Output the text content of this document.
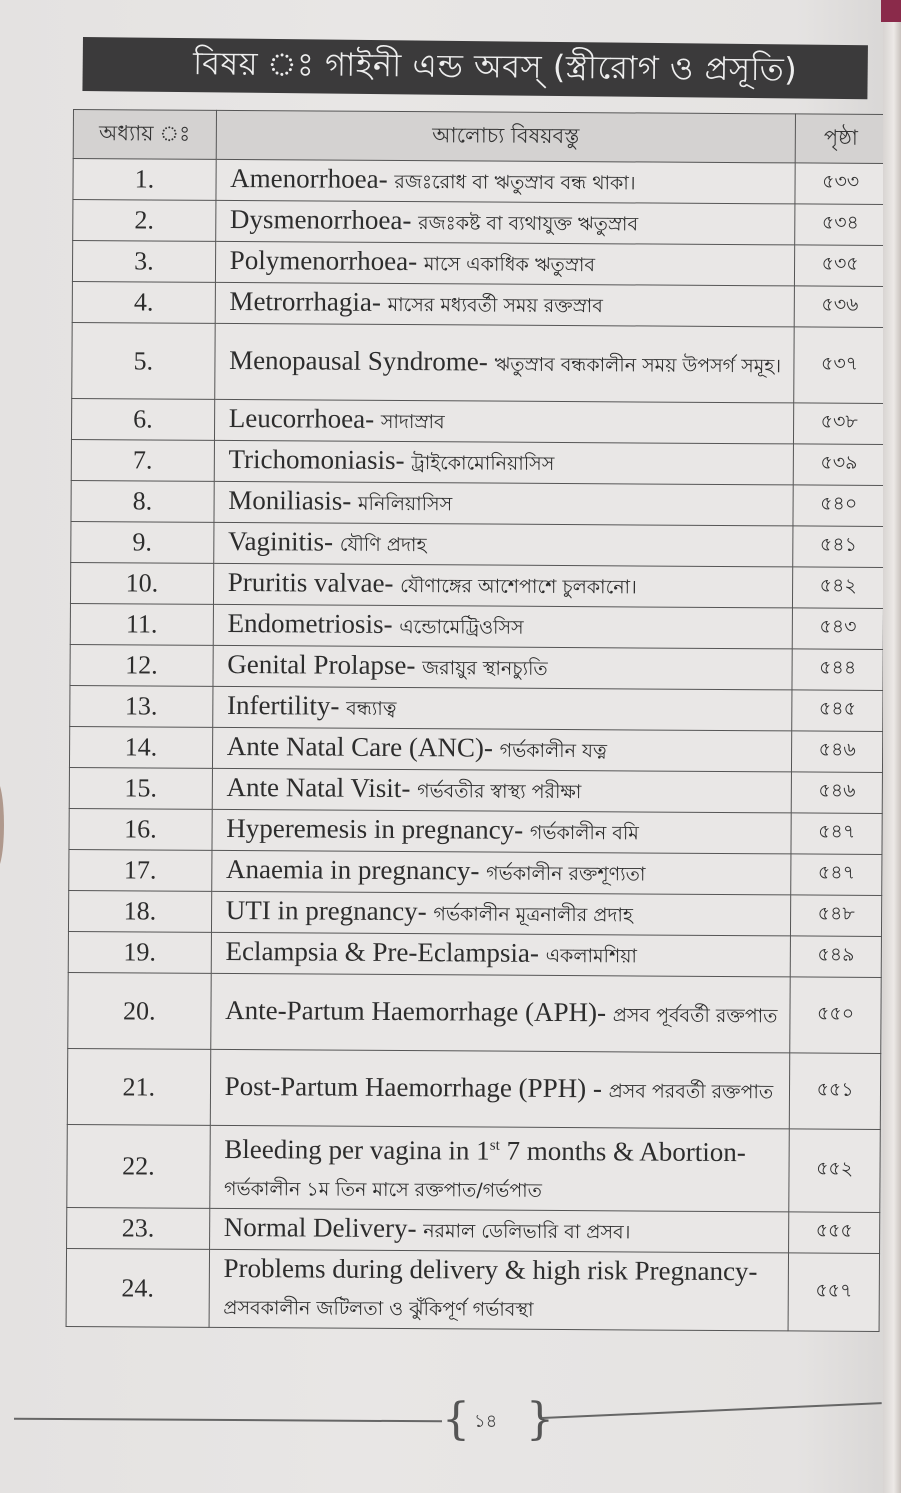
বিষয় ঃ গাইনী এন্ড অবস্ (স্ত্রীরোগ ও প্রসূতি)
অধ্যায় ঃ	আলোচ্য বিষয়বস্তু	পৃষ্ঠা
1.	Amenorrhoea- রজঃরোধ বা ঋতুস্রাব বন্ধ থাকা।	৫৩৩
2.	Dysmenorrhoea- রজঃকষ্ট বা ব্যথাযুক্ত ঋতুস্রাব	৫৩৪
3.	Polymenorrhoea- মাসে একাধিক ঋতুস্রাব	৫৩৫
4.	Metrorrhagia- মাসের মধ্যবর্তী সময় রক্তস্রাব	৫৩৬
5.	Menopausal Syndrome- ঋতুস্রাব বন্ধকালীন সময় উপসর্গ সমূহ।	৫৩৭
6.	Leucorrhoea- সাদাস্রাব	৫৩৮
7.	Trichomoniasis- ট্রাইকোমোনিয়াসিস	৫৩৯
8.	Moniliasis- মনিলিয়াসিস	৫৪০
9.	Vaginitis- যৌণি প্রদাহ	৫৪১
10.	Pruritis valvae- যৌণাঙ্গের আশেপাশে চুলকানো।	৫৪২
11.	Endometriosis- এন্ডোমেট্রিওসিস	৫৪৩
12.	Genital Prolapse- জরায়ুর স্থানচ্যুতি	৫৪৪
13.	Infertility- বন্ধ্যাত্ব	৫৪৫
14.	Ante Natal Care (ANC)- গর্ভকালীন যত্ন	৫৪৬
15.	Ante Natal Visit- গর্ভবতীর স্বাস্থ্য পরীক্ষা	৫৪৬
16.	Hyperemesis in pregnancy- গর্ভকালীন বমি	৫৪৭
17.	Anaemia in pregnancy- গর্ভকালীন রক্তশূণ্যতা	৫৪৭
18.	UTI in pregnancy- গর্ভকালীন মূত্রনালীর প্রদাহ	৫৪৮
19.	Eclampsia & Pre-Eclampsia- একলামশিয়া	৫৪৯
20.	Ante-Partum Haemorrhage (APH)- প্রসব পূর্ববর্তী রক্তপাত	৫৫০
21.	Post-Partum Haemorrhage (PPH) - প্রসব পরবর্তী রক্তপাত	৫৫১
22.	Bleeding per vagina in 1st 7 months & Abortion- গর্ভকালীন ১ম তিন মাসে রক্তপাত/গর্ভপাত	৫৫২
23.	Normal Delivery- নরমাল ডেলিভারি বা প্রসব।	৫৫৫
24.	Problems during delivery & high risk Pregnancy- প্রসবকালীন জটিলতা ও ঝুঁকিপূর্ণ গর্ভাবস্থা	৫৫৭
{ ১৪ }
